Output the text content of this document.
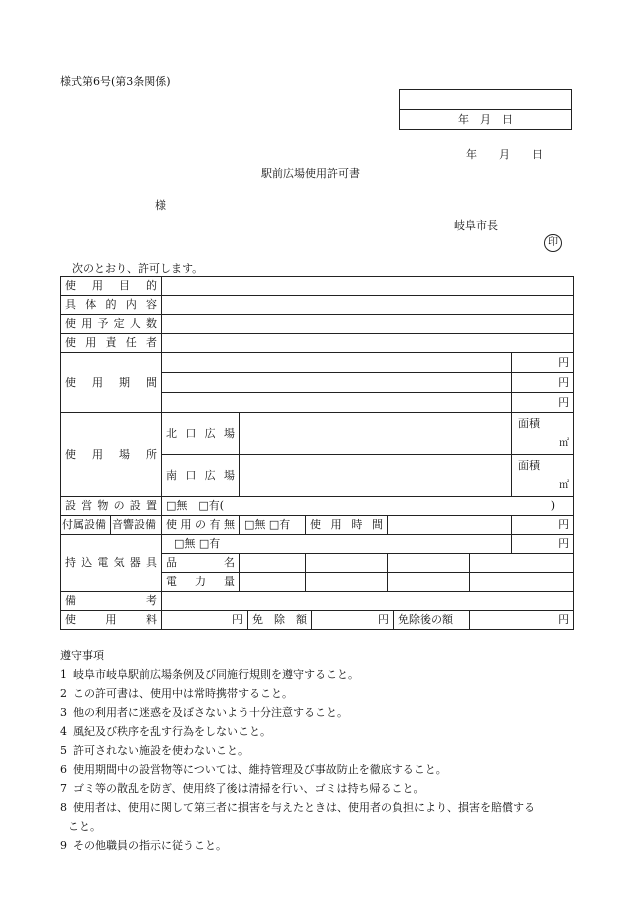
様式第6号(第3条関係)

年　月　日
年　　月　　日
駅前広場使用許可書
様
岐阜市長
印
次のとおり、許可します。
使　用　目　的										

具体的内容										

使用予定人数										

使用責任者										

使　用　期　間										円
										円
										円

使　用　場　所		北口広場								面積
㎡

		南口広場								面積
㎡

設営物の設置		□無　□有( )								

付属設備	音響設備	使用の有無	□無 □有		使用時間					円

持込電気器具		□無 □有								円

		品　　名								

		電　力　量								

備　　　　考										

使　　用　　料		円		免　除　額		円		免除後の額	円	
遵守事項
1 岐阜市岐阜駅前広場条例及び同施行規則を遵守すること。
2 この許可書は、使用中は常時携帯すること。
3 他の利用者に迷惑を及ぼさないよう十分注意すること。
4 風紀及び秩序を乱す行為をしないこと。
5 許可されない施設を使わないこと。
6 使用期間中の設営物等については、維持管理及び事故防止を徹底すること。
7 ゴミ等の散乱を防ぎ、使用終了後は清掃を行い、ゴミは持ち帰ること。
8 使用者は、使用に関して第三者に損害を与えたときは、使用者の負担により、損害を賠償する
こと。
9 その他職員の指示に従うこと。
